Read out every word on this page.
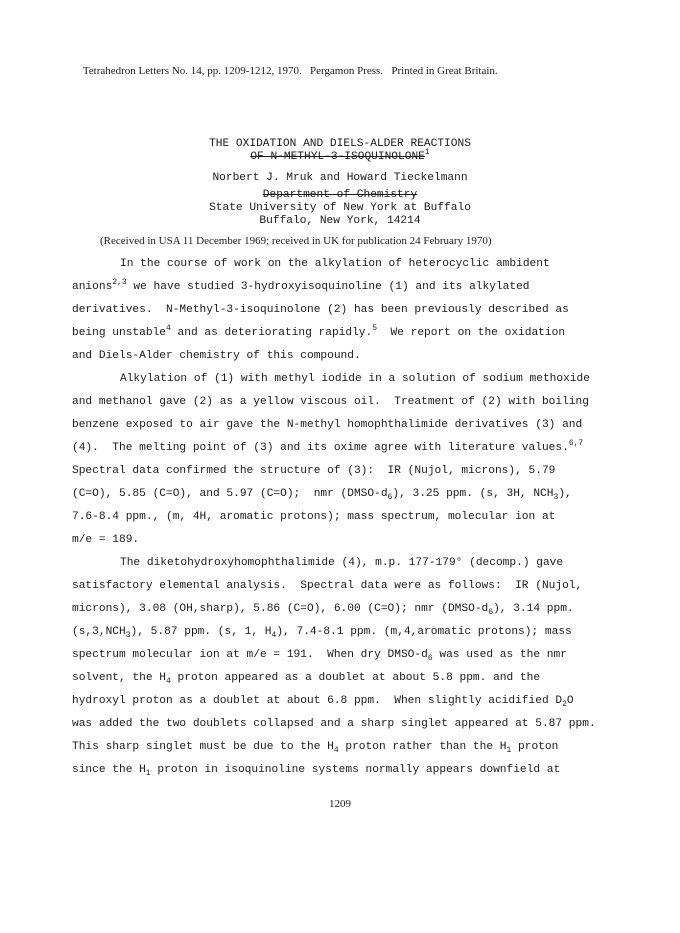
Tetrahedron Letters No. 14, pp. 1209-1212, 1970. Pergamon Press. Printed in Great Britain.

THE OXIDATION AND DIELS-ALDER REACTIONS
OF N-METHYL-3-ISOQUINOLONE$^1$
Norbert J. Mruk and Howard Tieckelmann
Department of Chemistry
State University of New York at Buffalo
Buffalo, New York, 14214
(Received in USA 11 December 1969; received in UK for publication 24 February 1970)
In the course of work on the alkylation of heterocyclic ambident
anions$^{2,3}$ we have studied 3-hydroxyisoquinoline (1) and its alkylated
derivatives.  N-Methyl-3-isoquinolone (2) has been previously described as
being unstable$^4$ and as deteriorating rapidly.$^5$  We report on the oxidation
and Diels-Alder chemistry of this compound.
Alkylation of (1) with methyl iodide in a solution of sodium methoxide
and methanol gave (2) as a yellow viscous oil.  Treatment of (2) with boiling
benzene exposed to air gave the N-methyl homophthalimide derivatives (3) and
(4).  The melting point of (3) and its oxime agree with literature values.$^{6,7}$
Spectral data confirmed the structure of (3):  IR (Nujol, microns), 5.79
(C=O), 5.85 (C=O), and 5.97 (C=O);  nmr $(DMSO-d_6)$, 3.25 ppm. (s, 3H, $NCH_3$),
7.6-8.4 ppm., (m, 4H, aromatic protons); mass spectrum, molecular ion at
m/e = 189.
The diketohydroxyhomophthalimide (4), m.p. 177-179° (decomp.) gave
satisfactory elemental analysis.  Spectral data were as follows:  IR (Nujol,
microns), 3.08 (OH,sharp), 5.86 (C=O), 6.00 (C=O); nmr $(DMSO-d_6)$, 3.14 ppm.
$(s,3,NCH_3)$, 5.87 ppm. (s, 1, $H_4$), 7.4-8.1 ppm. (m,4,aromatic protons); mass
spectrum molecular ion at m/e = 191.  When dry DMSO-$d_6$ was used as the nmr
solvent, the $H_4$ proton appeared as a doublet at about 5.8 ppm. and the
hydroxyl proton as a doublet at about 6.8 ppm.  When slightly acidified $D_2O$
was added the two doublets collapsed and a sharp singlet appeared at 5.87 ppm.
This sharp singlet must be due to the $H_4$ proton rather than the $H_1$ proton
since the $H_1$ proton in isoquinoline systems normally appears downfield at
1209
